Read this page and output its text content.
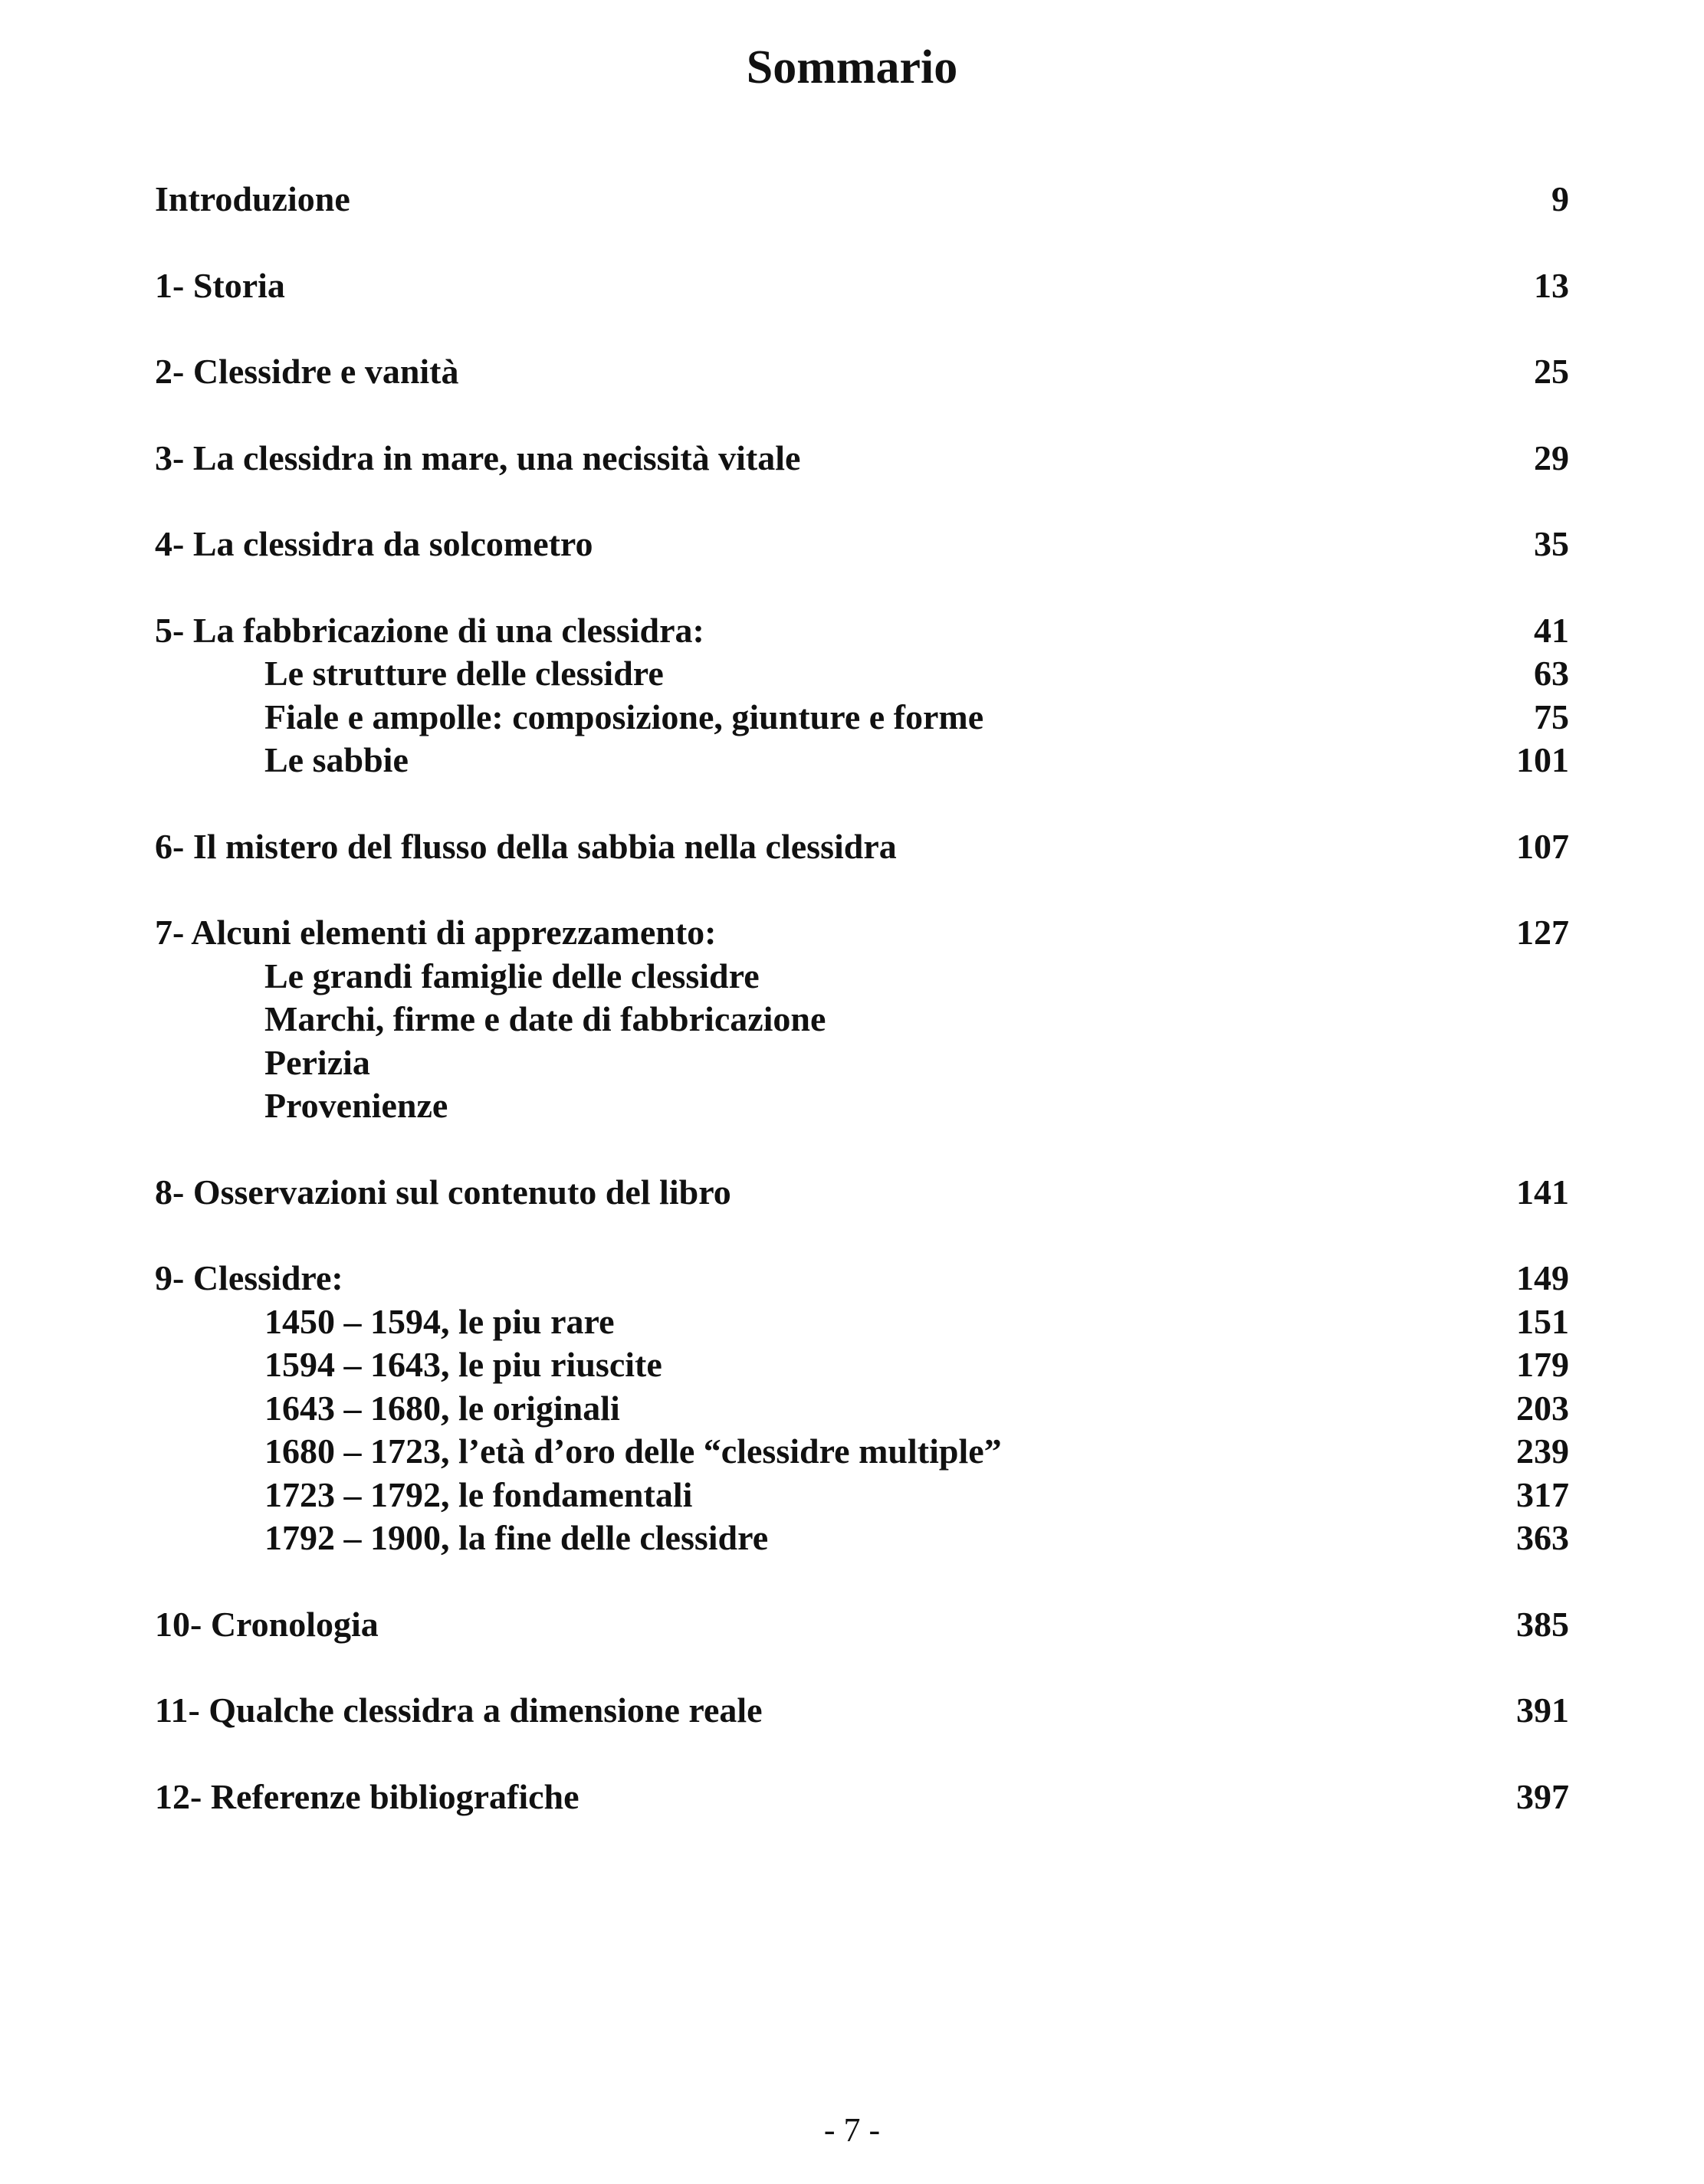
Sommario
Introduzione	9
1- Storia	13
2- Clessidre e vanità	25
3- La clessidra in mare, una necissità vitale	29
4- La clessidra da solcometro	35
5- La fabbricazione di una clessidra:	41
Le strutture delle clessidre	63
Fiale e ampolle: composizione, giunture e forme	75
Le sabbie	101
6- Il mistero del flusso della sabbia nella clessidra	107
7- Alcuni elementi di apprezzamento:	127
Le grandi famiglie delle clessidre
Marchi, firme e date di fabbricazione
Perizia
Provenienze
8- Osservazioni sul contenuto del libro	141
9- Clessidre:	149
1450 – 1594, le piu rare	151
1594 – 1643, le piu riuscite	179
1643 – 1680, le originali	203
1680 – 1723, l’età d’oro delle “clessidre multiple”	239
1723 – 1792, le fondamentali	317
1792 – 1900, la fine delle clessidre	363
10- Cronologia	385
11- Qualche clessidra a dimensione reale	391
12- Referenze bibliografiche	397
- 7 -
